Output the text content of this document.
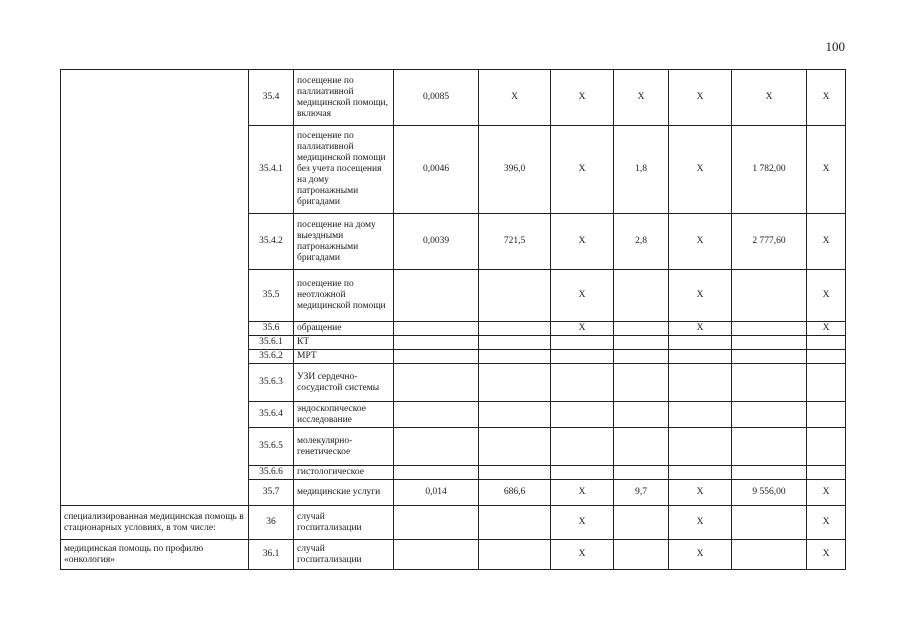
100
	35.4	посещение по паллиативной медицинской помощи, включая	0,0085	X	X	X	X	X	X
	35.4.1	посещение по паллиативной медицинской помощи без учета посещения на дому патронажными бригадами	0,0046	396,0	X	1,8	X	1 782,00	X
	35.4.2	посещение на дому выездными патронажными бригадами	0,0039	721,5	X	2,8	X	2 777,60	X
	35.5	посещение по неотложной медицинской помощи			X		X		X
	35.6	обращение			X		X		X
	35.6.1	КТ							
	35.6.2	МРТ							
	35.6.3	УЗИ сердечно-сосудистой системы							
	35.6.4	эндоскопическое исследование							
	35.6.5	молекулярно-генетическое							
	35.6.6	гистологическое							
	35.7	медицинские услуги	0,014	686,6	X	9,7	X	9 556,00	X
специализированная медицинская помощь в стационарных условиях, в том числе:	36	случай госпитализации			X		X		X
медицинская помощь по профилю «онкология»	36.1	случай госпитализации			X		X		X
